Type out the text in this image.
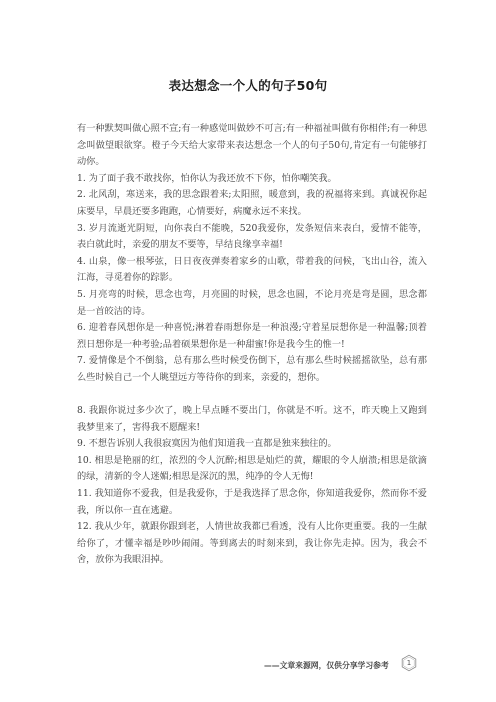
表达想念一个人的句子50句

有一种默契叫做心照不宣;有一种感觉叫做妙不可言;有一种福祉叫做有你相伴;有一种思念叫做望眼欲穿。橙子今天给大家带来表达想念一个人的句子50句,肯定有一句能够打动你。

1. 为了面子我不敢找你，怕你认为我还放不下你，怕你嘲笑我。

2. 北风刮，寒送来，我的思念跟着来;太阳照，暖意到，我的祝福将来到。真诚祝你起床要早，早晨还要多跑跑，心情要好，病魔永远不来找。

3. 岁月流逝光阴短，向你表白不能晚，520我爱你，发条短信来表白，爱情不能等，表白就此时，亲爱的朋友不要等，早结良缘享幸福!

4. 山泉，像一根琴弦，日日夜夜弹奏着家乡的山歌，带着我的问候，飞出山谷，流入江海，寻觅着你的踪影。

5. 月亮弯的时候，思念也弯，月亮圆的时候，思念也圆，不论月亮是弯是圆，思念都是一首皎洁的诗。

6. 迎着春风想你是一种喜悦;淋着春雨想你是一种浪漫;守着星辰想你是一种温馨;顶着烈日想你是一种考验;品着硕果想你是一种甜蜜!你是我今生的惟一!

7. 爱情像是个不倒翁，总有那么些时候受伤倒下，总有那么些时候摇摇欲坠，总有那么些时候自己一个人眺望远方等待你的到来，亲爱的，想你。

8. 我跟你说过多少次了，晚上早点睡不要出门，你就是不听。这不，昨天晚上又跑到我梦里来了，害得我不愿醒来!

9. 不想告诉别人我很寂寞因为他们知道我一直都是独来独往的。

10. 相思是艳丽的红，浓烈的令人沉醉;相思是灿烂的黄，耀眼的令人崩溃;相思是欲滴的绿，清新的令人迷媚;相思是深沉的黑，纯净的令人无悔!

11. 我知道你不爱我，但是我爱你，于是我选择了思念你，你知道我爱你，然而你不爱我，所以你一直在逃避。

12. 我从少年，就跟你跟到老，人情世故我都已看透，没有人比你更重要。我的一生献给你了，才懂幸福是吵吵闹闹。等到离去的时刻来到，我让你先走掉。因为，我会不舍，放你为我眼泪掉。

——文章来源网，仅供分享学习参考	1
